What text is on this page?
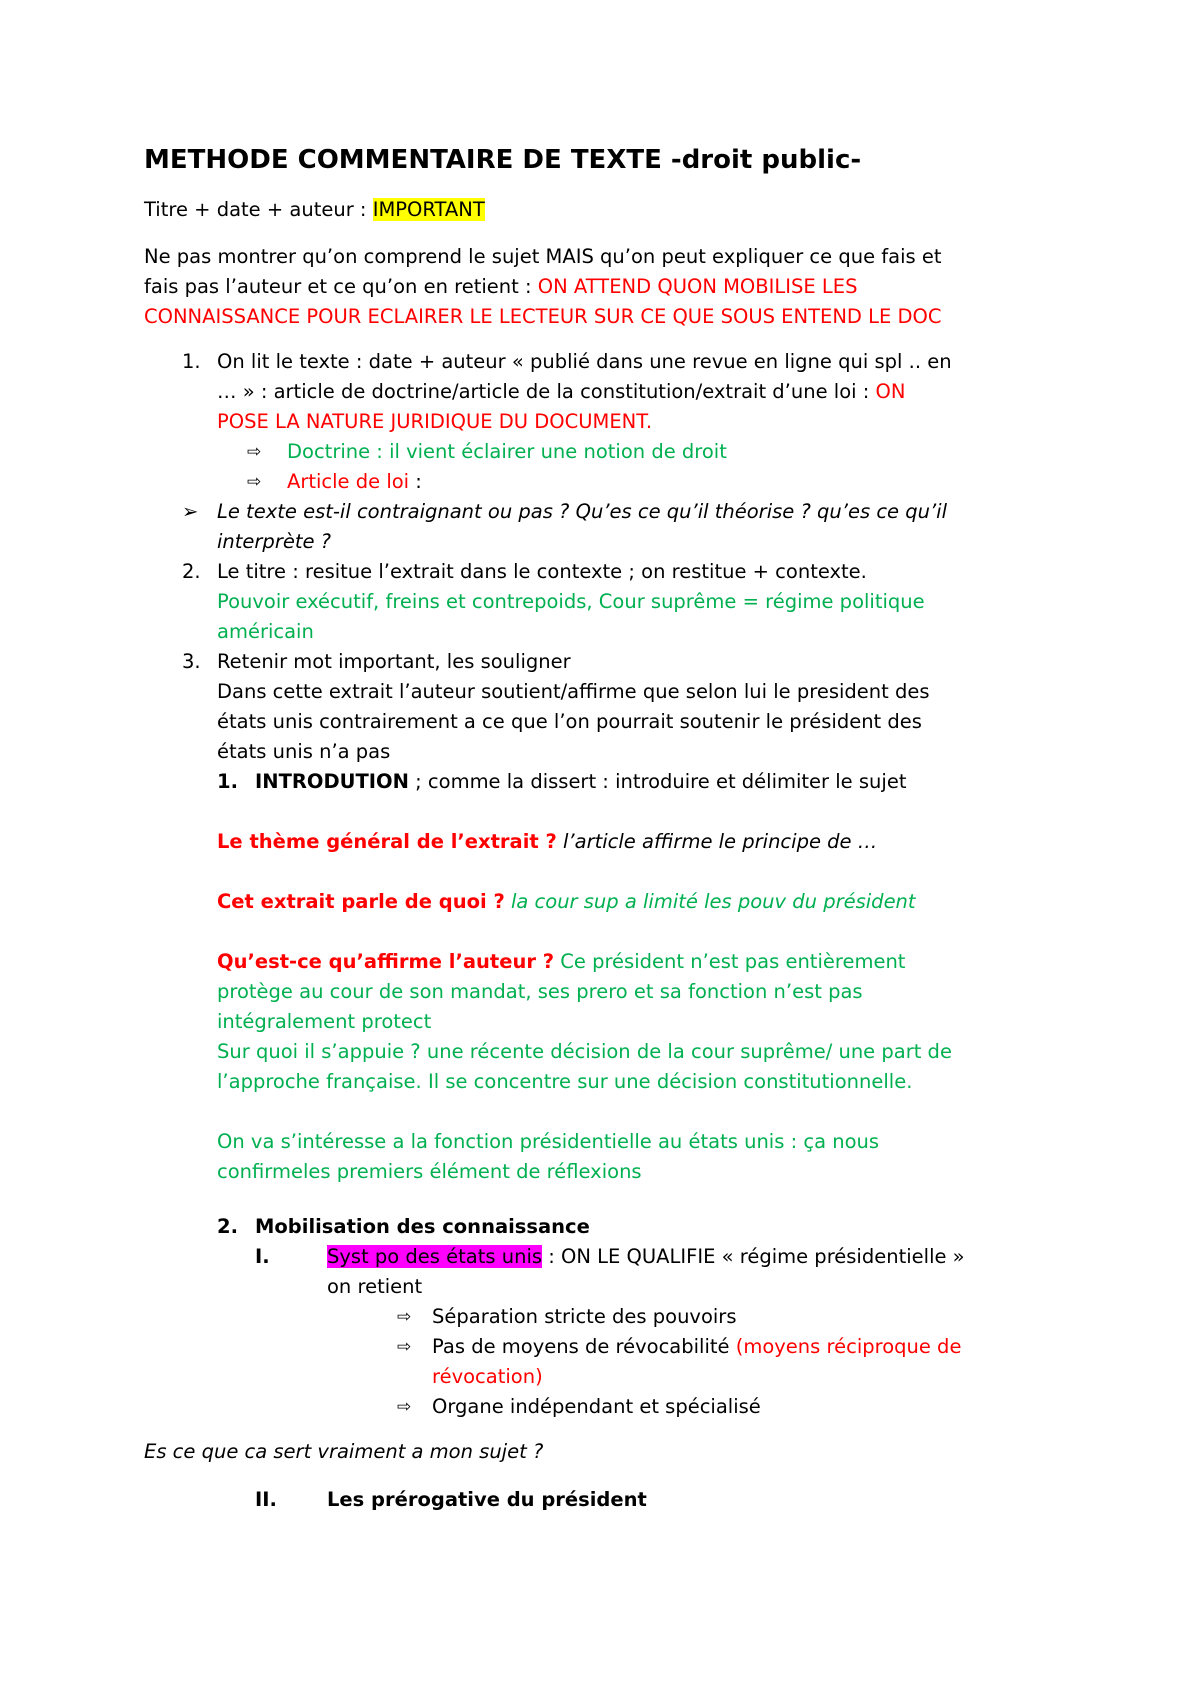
METHODE COMMENTAIRE DE TEXTE -droit public-
Titre + date + auteur : IMPORTANT
Ne pas montrer qu’on comprend le sujet MAIS qu’on peut expliquer ce que fais et
fais pas l’auteur et ce qu’on en retient : ON ATTEND QUON MOBILISE LES
CONNAISSANCE POUR ECLAIRER LE LECTEUR SUR CE QUE SOUS ENTEND LE DOC
1. On lit le texte : date + auteur « publié dans une revue en ligne qui spl .. en
… » : article de doctrine/article de la constitution/extrait d’une loi : ON
POSE LA NATURE JURIDIQUE DU DOCUMENT.
⇨ Doctrine : il vient éclairer une notion de droit
⇨ Article de loi :
➢ Le texte est-il contraignant ou pas ? Qu’es ce qu’il théorise ? qu’es ce qu’il
interprète ?
2. Le titre : resitue l’extrait dans le contexte ; on restitue + contexte.
Pouvoir exécutif, freins et contrepoids, Cour suprême = régime politique
américain
3. Retenir mot important, les souligner
Dans cette extrait l’auteur soutient/affirme que selon lui le president des
états unis contrairement a ce que l’on pourrait soutenir le président des
états unis n’a pas
1. INTRODUTION ; comme la dissert : introduire et délimiter le sujet
Le thème général de l’extrait ? l’article affirme le principe de …
Cet extrait parle de quoi ? la cour sup a limité les pouv du président
Qu’est-ce qu’affirme l’auteur ? Ce président n’est pas entièrement
protège au cour de son mandat, ses prero et sa fonction n’est pas
intégralement protect
Sur quoi il s’appuie ? une récente décision de la cour suprême/ une part de
l’approche française. Il se concentre sur une décision constitutionnelle.
On va s’intéresse a la fonction présidentielle au états unis : ça nous
confirmeles premiers élément de réflexions
2. Mobilisation des connaissance
I.	Syst po des états unis : ON LE QUALIFIE « régime présidentielle »
on retient
⇨ Séparation stricte des pouvoirs
⇨ Pas de moyens de révocabilité (moyens réciproque de
révocation)
⇨ Organe indépendant et spécialisé
Es ce que ca sert vraiment a mon sujet ?
II.	Les prérogative du président
